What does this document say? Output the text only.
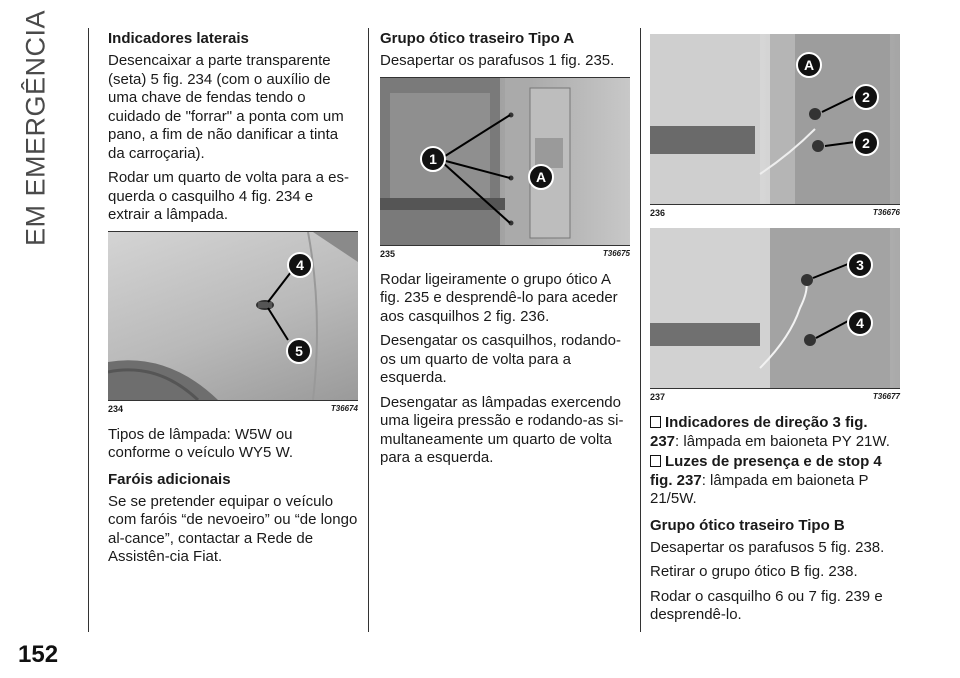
EM EMERGÊNCIA
152
Indicadores laterais

Desencaixar a parte transparente (seta) 5 fig. 234 (com o auxílio de uma chave de fendas tendo o cuidado de "forrar" a ponta com um pano, a fim de não danificar a tinta da carroçaria).

Rodar um quarto de volta para a es-querda o casquilho 4 fig. 234 e extrair a lâmpada.

4
5
234	T36674

Tipos de lâmpada: W5W ou conforme o veículo WY5 W.

Faróis adicionais

Se se pretender equipar o veículo com faróis “de nevoeiro” ou “de longo al-cance”, contactar a Rede de Assistên-cia Fiat.

Grupo ótico traseiro Tipo A

Desapertar os parafusos 1 fig. 235.

1
A
235	T36675

Rodar ligeiramente o grupo ótico A fig. 235 e desprendê-lo para aceder aos casquilhos 2 fig. 236.

Desengatar os casquilhos, rodando-os um quarto de volta para a esquerda.

Desengatar as lâmpadas exercendo uma ligeira pressão e rodando-as si-multaneamente um quarto de volta para a esquerda.

A
2
2
236	T36676
3
4
237	T36677

Indicadores de direção 3 fig. 237: lâmpada em baioneta PY 21W.

Luzes de presença e de stop 4 fig. 237: lâmpada em baioneta P 21/5W.

Grupo ótico traseiro Tipo B

Desapertar os parafusos 5 fig. 238.

Retirar o grupo ótico B fig. 238.

Rodar o casquilho 6 ou 7 fig. 239 e desprendê-lo.
